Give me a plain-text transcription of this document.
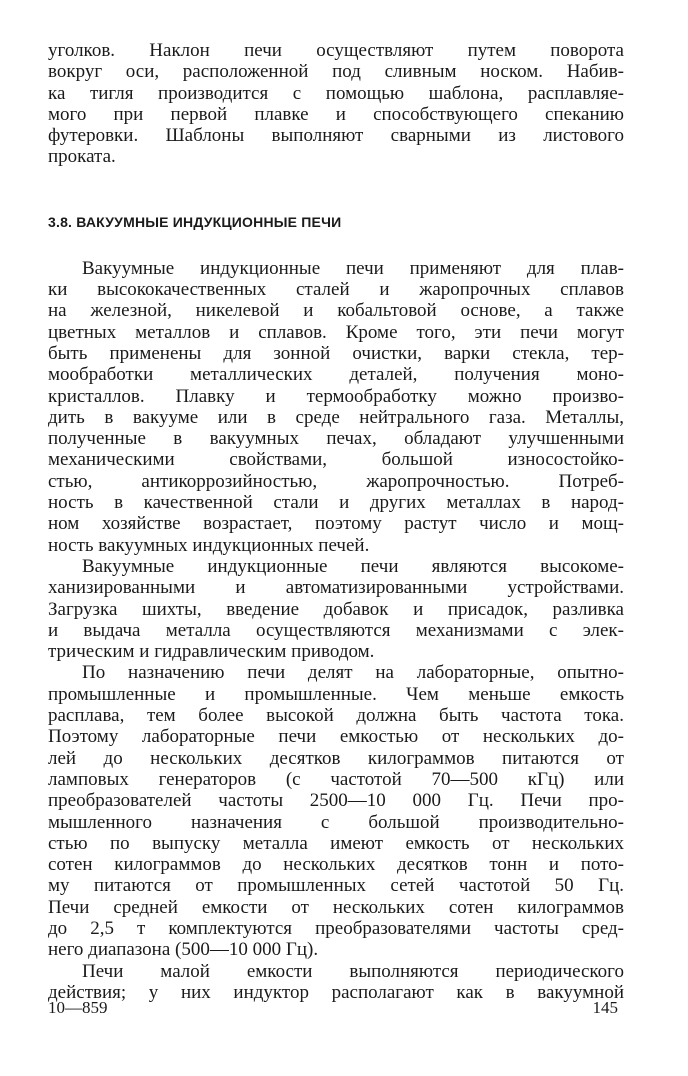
уголков. Наклон печи осуществляют путем поворота
вокруг оси, расположенной под сливным носком. Набив-
ка тигля производится с помощью шаблона, расплавляе-
мого при первой плавке и способствующего спеканию
футеровки. Шаблоны выполняют сварными из листового
проката.

3.8. ВАКУУМНЫЕ ИНДУКЦИОННЫЕ ПЕЧИ

Вакуумные индукционные печи применяют для плав-
ки высококачественных сталей и жаропрочных сплавов
на железной, никелевой и кобальтовой основе, а также
цветных металлов и сплавов. Кроме того, эти печи могут
быть применены для зонной очистки, варки стекла, тер-
мообработки металлических деталей, получения моно-
кристаллов. Плавку и термообработку можно произво-
дить в вакууме или в среде нейтрального газа. Металлы,
полученные в вакуумных печах, обладают улучшенными
механическими свойствами, большой износостойко-
стью, антикоррозийностью, жаропрочностью. Потреб-
ность в качественной стали и других металлах в народ-
ном хозяйстве возрастает, поэтому растут число и мощ-
ность вакуумных индукционных печей.

Вакуумные индукционные печи являются высокоме-
ханизированными и автоматизированными устройствами.
Загрузка шихты, введение добавок и присадок, разливка
и выдача металла осуществляются механизмами с элек-
трическим и гидравлическим приводом.

По назначению печи делят на лабораторные, опытно-
промышленные и промышленные. Чем меньше емкость
расплава, тем более высокой должна быть частота тока.
Поэтому лабораторные печи емкостью от нескольких до-
лей до нескольких десятков килограммов питаются от
ламповых генераторов (с частотой 70—500 кГц) или
преобразователей частоты 2500—10 000 Гц. Печи про-
мышленного назначения с большой производительно-
стью по выпуску металла имеют емкость от нескольких
сотен килограммов до нескольких десятков тонн и пото-
му питаются от промышленных сетей частотой 50 Гц.
Печи средней емкости от нескольких сотен килограммов
до 2,5 т комплектуются преобразователями частоты сред-
него диапазона (500—10 000 Гц).

Печи малой емкости выполняются периодического
действия; у них индуктор располагают как в вакуумной

10—859	145
